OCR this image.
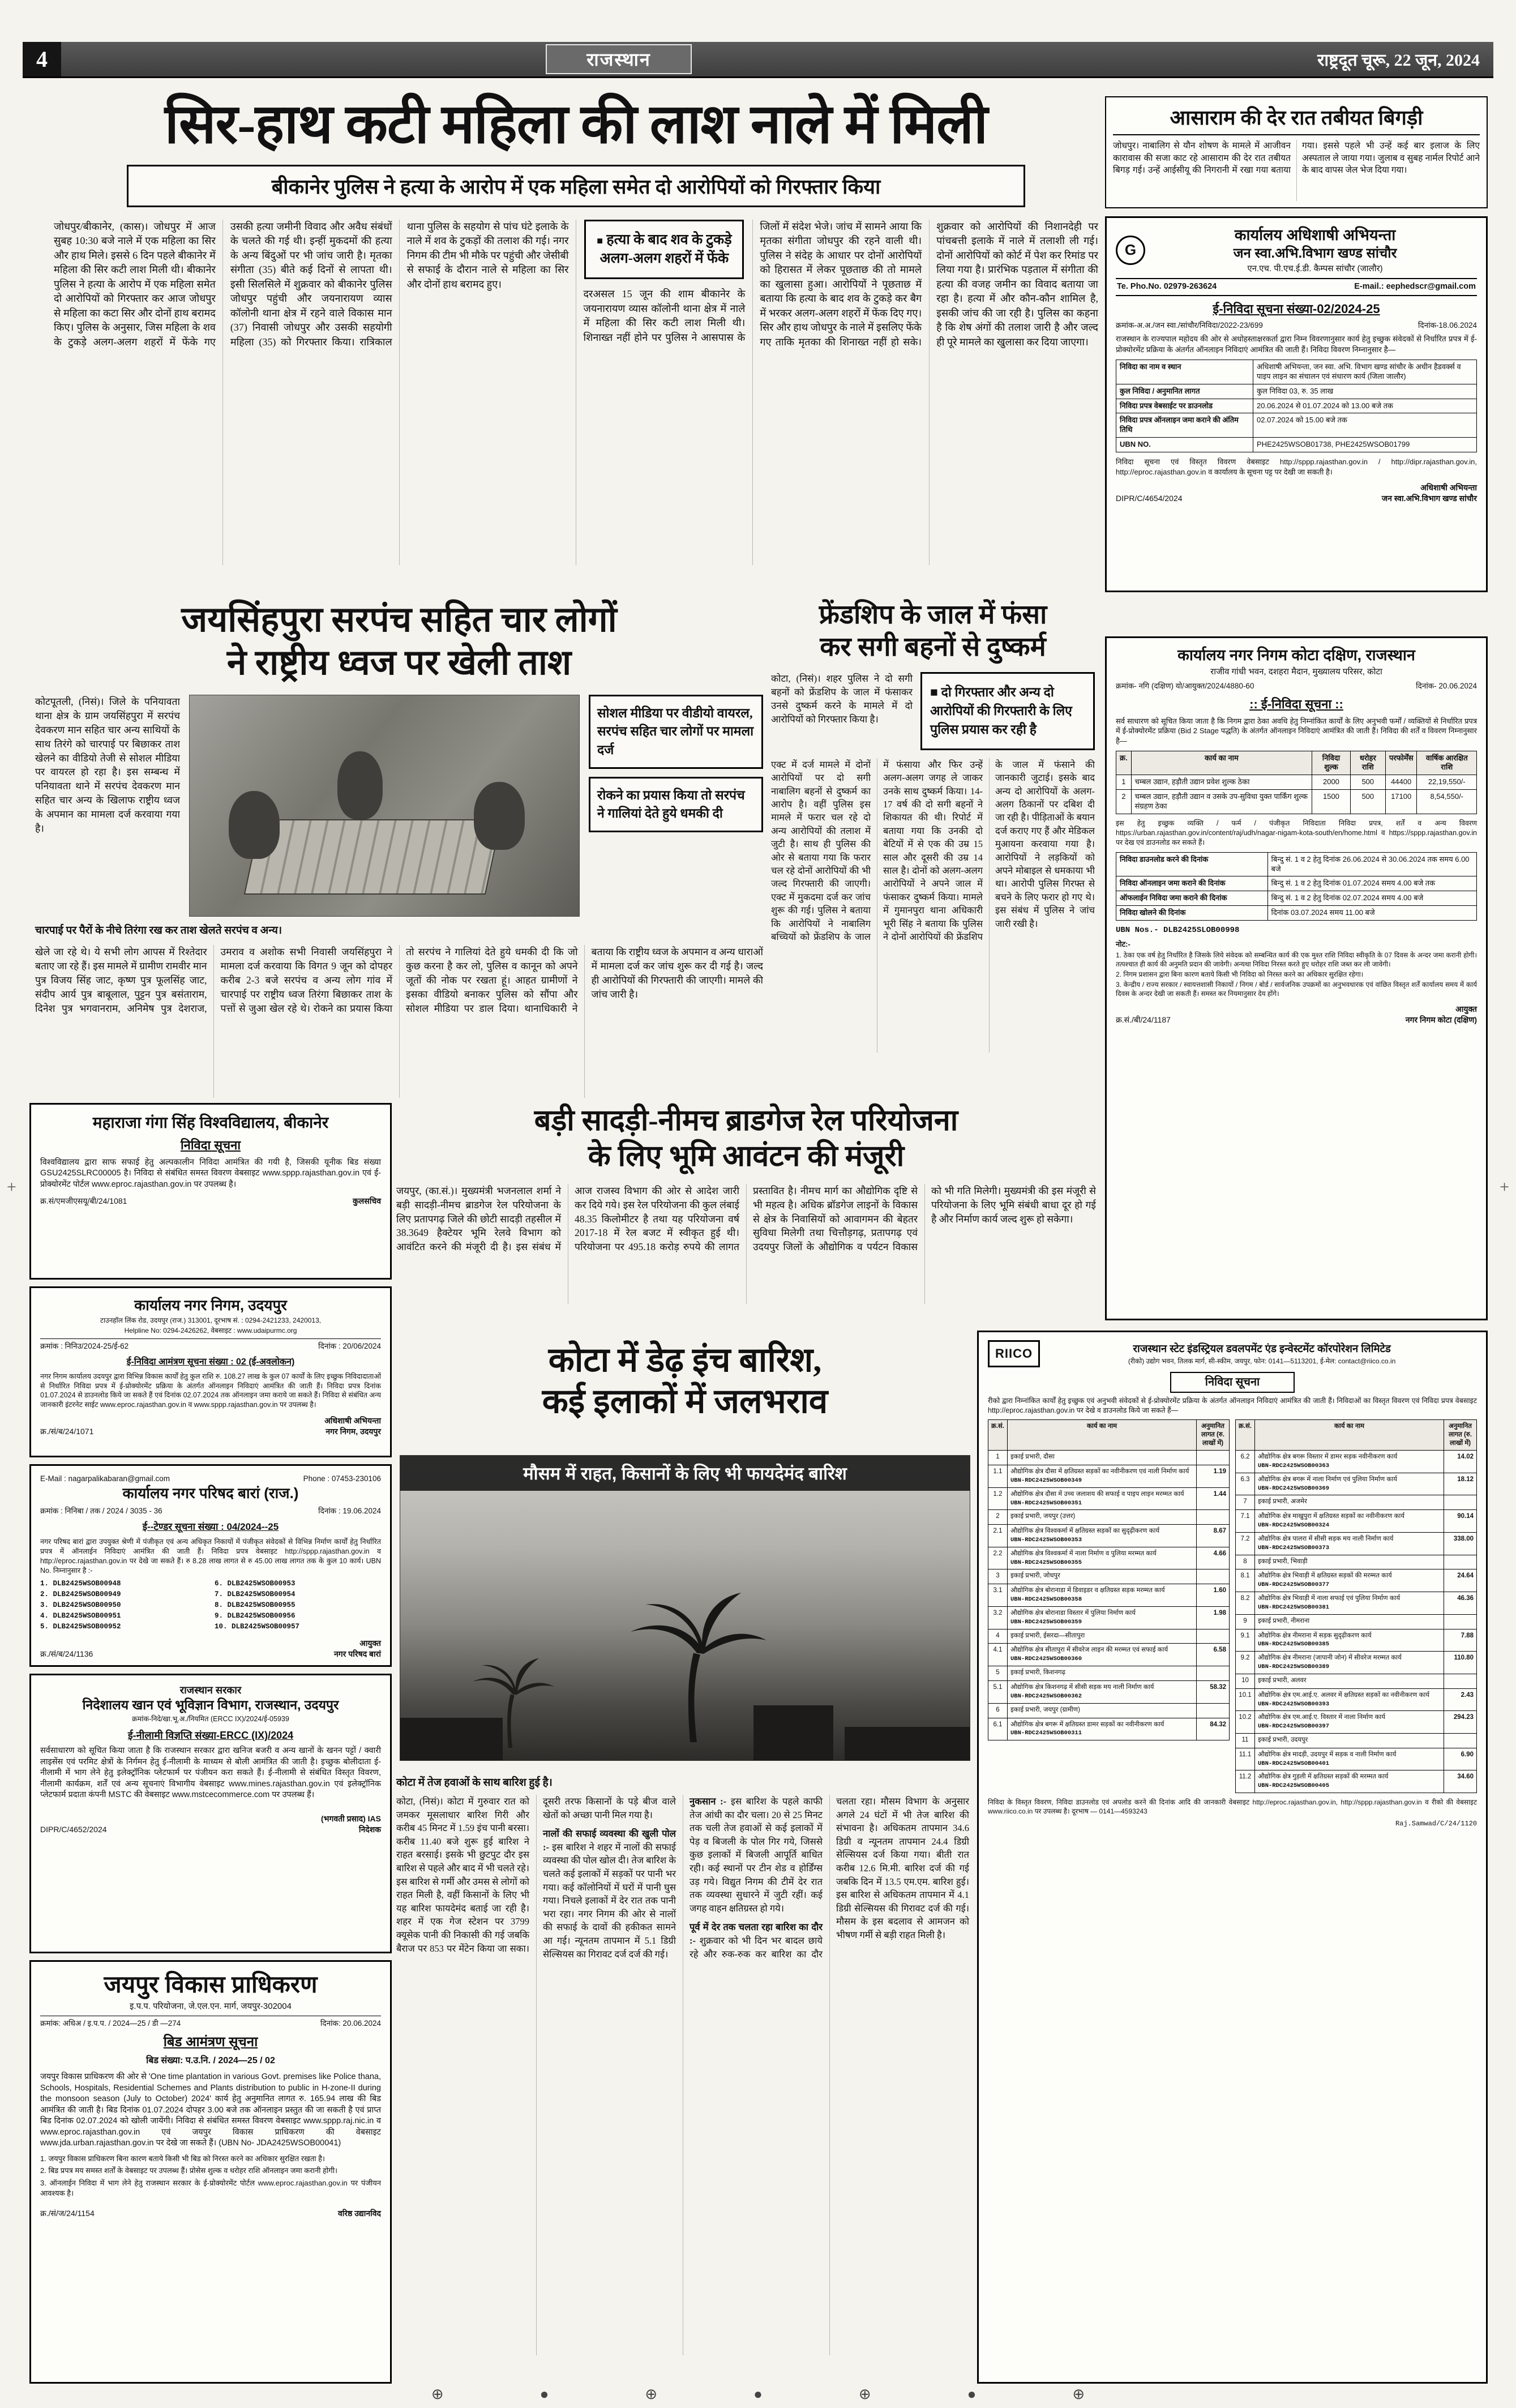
4	राजस्थान	राष्ट्रदूत चूरू, 22 जून, 2024
सिर-हाथ कटी महिला की लाश नाले में मिली
बीकानेर पुलिस ने हत्या के आरोप में एक महिला समेत दो आरोपियों को गिरफ्तार किया
जोधपुर/बीकानेर, (कास)। जोधपुर में आज सुबह 10:30 बजे नाले में एक महिला का सिर और हाथ मिले। इससे 6 दिन पहले बीकानेर में महिला की सिर कटी लाश मिली थी। बीकानेर पुलिस ने हत्या के आरोप में एक महिला समेत दो आरोपियों को गिरफ्तार कर आज जोधपुर से महिला का कटा सिर और दोनों हाथ बरामद किए। पुलिस के अनुसार, जिस महिला के शव के टुकड़े अलग-अलग शहरों में फेंके गए उसकी हत्या जमीनी विवाद और अवैध संबंधों के चलते की गई थी। इन्हीं मुकदमों की हत्या के अन्य बिंदुओं पर भी जांच जारी है। मृतका संगीता (35) बीते कई दिनों से लापता थी। इसी सिलसिले में शुक्रवार को बीकानेर पुलिस जोधपुर पहुंची और जयनारायण व्यास कॉलोनी थाना क्षेत्र में रहने वाले विकास मान (37) निवासी जोधपुर और उसकी सहयोगी महिला (35) को गिरफ्तार किया। रात्रिकाल थाना पुलिस के सहयोग से पांच घंटे इलाके के नाले में शव के टुकड़ों की तलाश की गई। नगर निगम की टीम भी मौके पर पहुंची और जेसीबी से सफाई के दौरान नाले से महिला का सिर और दोनों हाथ बरामद हुए।
■ हत्या के बाद शव के टुकड़े अलग-अलग शहरों में फेंके
दरअसल 15 जून की शाम बीकानेर के जयनारायण व्यास कॉलोनी थाना क्षेत्र में नाले में महिला की सिर कटी लाश मिली थी। शिनाख्त नहीं होने पर पुलिस ने आसपास के जिलों में संदेश भेजे। जांच में सामने आया कि मृतका संगीता जोधपुर की रहने वाली थी। पुलिस ने संदेह के आधार पर दोनों आरोपियों को हिरासत में लेकर पूछताछ की तो मामले का खुलासा हुआ। आरोपियों ने पूछताछ में बताया कि हत्या के बाद शव के टुकड़े कर बैग में भरकर अलग-अलग शहरों में फेंक दिए गए। सिर और हाथ जोधपुर के नाले में इसलिए फेंके गए ताकि मृतका की शिनाख्त नहीं हो सके। शुक्रवार को आरोपियों की निशानदेही पर पांचबत्ती इलाके में नाले में तलाशी ली गई। दोनों आरोपियों को कोर्ट में पेश कर रिमांड पर लिया गया है। प्रारंभिक पड़ताल में संगीता की हत्या की वजह जमीन का विवाद बताया जा रहा है। हत्या में और कौन-कौन शामिल है, इसकी जांच की जा रही है। पुलिस का कहना है कि शेष अंगों की तलाश जारी है और जल्द ही पूरे मामले का खुलासा कर दिया जाएगा।
आसाराम की देर रात तबीयत बिगड़ी
जोधपुर। नाबालिग से यौन शोषण के मामले में आजीवन कारावास की सजा काट रहे आसाराम की देर रात तबीयत बिगड़ गई। उन्हें आईसीयू की निगरानी में रखा गया बताया गया। इससे पहले भी उन्हें कई बार इलाज के लिए अस्पताल ले जाया गया। जुलाब व सुबह नार्मल रिपोर्ट आने के बाद वापस जेल भेज दिया गया।
G
कार्यालय अधिशाषी अभियन्ता
जन स्वा.अभि.विभाग खण्ड सांचौर
एन.एच. पी.एच.ई.डी. कैम्पस सांचौर (जालौर)
Te. Pho.No. 02979-263624	E-mail.: eephedscr@gmail.com
ई-निविदा सूचना संख्या-02/2024-25
क्रमांक-अ.अ./जन स्वा./सांचौर/निविदा/2022-23/699	दिनांक-18.06.2024

राजस्थान के राज्यपाल महोदय की ओर से अधोहस्ताक्षरकर्ता द्वारा निम्न विवरणानुसार कार्य हेतु इच्छुक संवेदकों से निर्धारित प्रपत्र में ई-प्रोक्योरमेंट प्रक्रिया के अंतर्गत ऑनलाइन निविदाएं आमंत्रित की जाती हैं। निविदा विवरण निम्नानुसार है—

निविदा का नाम व स्थान	अधिशाषी अभियन्ता, जन स्वा. अभि. विभाग खण्ड सांचौर के अधीन हैडवर्क्स व पाइप लाइन का संचालन एवं संधारण कार्य (जिला जालौर)
कुल निविदा / अनुमानित लागत	कुल निविदा 03, रु. 35 लाख
निविदा प्रपत्र वेबसाईट पर डाउनलोड	20.06.2024 से 01.07.2024 को 13.00 बजे तक
निविदा प्रपत्र ऑनलाइन जमा कराने की अंतिम तिथि	02.07.2024 को 15.00 बजे तक
UBN NO.	PHE2425WSOB01738, PHE2425WSOB01799

निविदा सूचना एवं विस्तृत विवरण वेबसाइट http://sppp.rajasthan.gov.in / http://dipr.rajasthan.gov.in, http://eproc.rajasthan.gov.in व कार्यालय के सूचना पट्ट पर देखी जा सकती है।

DIPR/C/4654/2024
अधिशाषी अभियन्ता
जन स्वा.अभि.विभाग खण्ड सांचौर
जयसिंहपुरा सरपंच सहित चार लोगों
ने राष्ट्रीय ध्वज पर खेली ताश
कोटपूतली, (निसं)। जिले के पनियावता थाना क्षेत्र के ग्राम जयसिंहपुरा में सरपंच देवकरण मान सहित चार अन्य साथियों के साथ तिरंगे को चारपाई पर बिछाकर ताश खेलने का वीडियो तेजी से सोशल मीडिया पर वायरल हो रहा है। इस सम्बन्ध में पनियावता थाने में सरपंच देवकरण मान सहित चार अन्य के खिलाफ राष्ट्रीय ध्वज के अपमान का मामला दर्ज करवाया गया है।
सोशल मीडिया पर वीडीयो वायरल, सरपंच सहित चार लोगों पर मामला दर्ज
रोकने का प्रयास किया तो सरपंच ने गालियां देते हुये धमकी दी
चारपाई पर पैरों के नीचे तिरंगा रख कर ताश खेलते सरपंच व अन्य।
खेले जा रहे थे। ये सभी लोग आपस में रिश्तेदार बताए जा रहे हैं। इस मामले में ग्रामीण रामवीर मान पुत्र विजय सिंह जाट, कृष्ण पुत्र फूलसिंह जाट, संदीप आर्य पुत्र बाबूलाल, पुट्टन पुत्र बसंताराम, दिनेश पुत्र भगवानराम, अनिमेष पुत्र देशराज, उमराव व अशोक सभी निवासी जयसिंहपुरा ने मामला दर्ज करवाया कि विगत 9 जून को दोपहर करीब 2-3 बजे सरपंच व अन्य लोग गांव में चारपाई पर राष्ट्रीय ध्वज तिरंगा बिछाकर ताश के पत्तों से जुआ खेल रहे थे। रोकने का प्रयास किया तो सरपंच ने गालियां देते हुये धमकी दी कि जो कुछ करना है कर लो, पुलिस व कानून को अपने जूतों की नोक पर रखता हूं। आहत ग्रामीणों ने इसका वीडियो बनाकर पुलिस को सौंपा और सोशल मीडिया पर डाल दिया। थानाधिकारी ने बताया कि राष्ट्रीय ध्वज के अपमान व अन्य धाराओं में मामला दर्ज कर जांच शुरू कर दी गई है। जल्द ही आरोपियों की गिरफ्तारी की जाएगी। मामले की जांच जारी है।
फ्रेंडशिप के जाल में फंसा
कर सगी बहनों से दुष्कर्म
कोटा, (निसं)। शहर पुलिस ने दो सगी बहनों को फ्रेंडशिप के जाल में फंसाकर उनसे दुष्कर्म करने के मामले में दो आरोपियों को गिरफ्तार किया है।
■ दो गिरफ्तार और अन्य दो आरोपियों की गिरफ्तारी के लिए पुलिस प्रयास कर रही है
एक्ट में दर्ज मामले में दोनों आरोपियों पर दो सगी नाबालिग बहनों से दुष्कर्म का आरोप है। वहीं पुलिस इस मामले में फरार चल रहे दो अन्य आरोपियों की तलाश में जुटी है। साथ ही पुलिस की ओर से बताया गया कि फरार चल रहे दोनों आरोपियों की भी जल्द गिरफ्तारी की जाएगी। एक्ट में मुकदमा दर्ज कर जांच शुरू की गई। पुलिस ने बताया कि आरोपियों ने नाबालिग बच्चियों को फ्रेंडशिप के जाल में फंसाया और फिर उन्हें अलग-अलग जगह ले जाकर उनके साथ दुष्कर्म किया। 14-17 वर्ष की दो सगी बहनों ने शिकायत की थी। रिपोर्ट में बताया गया कि उनकी दो बेटियों में से एक की उम्र 15 साल और दूसरी की उम्र 14 साल है। दोनों को अलग-अलग आरोपियों ने अपने जाल में फंसाकर दुष्कर्म किया। मामले में गुमानपुरा थाना अधिकारी भूरी सिंह ने बताया कि पुलिस ने दोनों आरोपियों की फ्रेंडशिप के जाल में फंसाने की जानकारी जुटाई। इसके बाद अन्य दो आरोपियों के अलग-अलग ठिकानों पर दबिश दी जा रही है। पीड़िताओं के बयान दर्ज कराए गए हैं और मेडिकल मुआयना करवाया गया है। आरोपियों ने लड़कियों को अपने मोबाइल से धमकाया भी था। आरोपी पुलिस गिरफ्त से बचने के लिए फरार हो गए थे। इस संबंध में पुलिस ने जांच जारी रखी है।
कार्यालय नगर निगम कोटा दक्षिण, राजस्थान
राजीव गांधी भवन, दशहरा मैदान, मुख्यालय परिसर, कोटा
क्रमांक- नगि (दक्षिण) यो/आयुक्त/2024/4880-60	दिनांक- 20.06.2024
:: ई-निविदा सूचना ::

सर्व साधारण को सूचित किया जाता है कि निगम द्वारा ठेका अवधि हेतु निम्नांकित कार्यों के लिए अनुभवी फर्मों / व्यक्तियों से निर्धारित प्रपत्र में ई-प्रोक्योरमेंट प्रक्रिया (Bid 2 Stage पद्धति) के अंतर्गत ऑनलाइन निविदाएं आमंत्रित की जाती हैं। निविदा की शर्तें व विवरण निम्नानुसार है—

क्र.	कार्य का नाम	निविदा शुल्क	धरोहर राशि	परफोर्मेंस	वार्षिक आरक्षित राशि
1	चम्बल उद्यान, हड़ौती उद्यान प्रवेश शुल्क ठेका	2000	500	44400	22,19,550/-
2	चम्बल उद्यान, हड़ौती उद्यान व उसके उप-सुविधा युक्त पार्किंग शुल्क संग्रहण ठेका	1500	500	17100	8,54,550/-

इस हेतु इच्छुक व्यक्ति / फर्म / पंजीकृत निविदाता निविदा प्रपत्र, शर्तें व अन्य विवरण https://urban.rajasthan.gov.in/content/raj/udh/nagar-nigam-kota-south/en/home.html व https://sppp.rajasthan.gov.in पर देख एवं डाउनलोड कर सकते हैं।

निविदा डाउनलोड करने की दिनांक	बिन्दु सं. 1 व 2 हेतु दिनांक 26.06.2024 से 30.06.2024 तक समय 6.00 बजे
निविदा ऑनलाइन जमा कराने की दिनांक	बिन्दु सं. 1 व 2 हेतु दिनांक 01.07.2024 समय 4.00 बजे तक
ऑफलाईन निविदा जमा कराने की दिनांक	बिन्दु सं. 1 व 2 हेतु दिनांक 02.07.2024 समय 4.00 बजे
निविदा खोलने की दिनांक	दिनांक 03.07.2024 समय 11.00 बजे

UBN Nos.- DLB2425SLOB00998

नोट:-

1. ठेका एक वर्ष हेतु निर्धारित है जिसके लिये संवेदक को सम्बन्धित कार्य की एक मुश्त राशि निविदा स्वीकृति के 07 दिवस के अन्दर जमा करानी होगी। तत्पश्चात ही कार्य की अनुमति प्रदान की जावेगी। अन्यथा निविदा निरस्त करते हुए धरोहर राशि जब्त कर ली जावेगी।

2. निगम प्रशासन द्वारा बिना कारण बताये किसी भी निविदा को निरस्त करने का अधिकार सुरक्षित रहेगा।

3. केन्द्रीय / राज्य सरकार / स्वायत्तशासी निकायों / निगम / बोर्ड / सार्वजनिक उपक्रमों का अनुभवधारक एवं वांछित विस्तृत शर्तें कार्यालय समय में कार्य दिवस के अन्दर देखी जा सकती हैं। समस्त कर नियमानुसार देय होंगे।

क्र.सं./बी/24/1187
आयुक्त
नगर निगम कोटा (दक्षिण)
महाराजा गंगा सिंह विश्वविद्यालय, बीकानेर
निविदा सूचना

विश्वविद्यालय द्वारा साफ सफाई हेतु अल्पकालीन निविदा आमंत्रित की गयी है, जिसकी यूनीक बिड संख्या GSU2425SLRC00005 है। निविदा से संबंधित समस्त विवरण वेबसाइट www.sppp.rajasthan.gov.in एवं ई-प्रोक्योरमेंट पोर्टल www.eproc.rajasthan.gov.in पर उपलब्ध है।

क्र.सं/एमजीएसयू/बी/24/1081	कुलसचिव
कार्यालय नगर निगम, उदयपुर
टाउनहॉल लिंक रोड, उदयपुर (राज.) 313001, दूरभाष सं. : 0294-2421233, 2420013,
Helpline No: 0294-2426262, वेबसाइट : www.udaipurmc.org
क्रमांक : निनिउ/2024-25/ई-62	दिनांक : 20/06/2024
ई-निविदा आमंत्रण सूचना संख्या : 02 (ई-अवलोकन)

नगर निगम कार्यालय उदयपुर द्वारा विभिन्न विकास कार्यों हेतु कुल राशि रु. 108.27 लाख के कुल 07 कार्यों के लिए इच्छुक निविदादाताओं से निर्धारित निविदा प्रपत्र में ई-प्रोक्योरमेंट प्रक्रिया के अंतर्गत ऑनलाइन निविदाएं आमंत्रित की जाती हैं। निविदा प्रपत्र दिनांक 01.07.2024 से डाउनलोड किये जा सकते हैं एवं दिनांक 02.07.2024 तक ऑनलाइन जमा कराये जा सकते हैं। निविदा से संबंधित अन्य जानकारी इंटरनेट साईट www.eproc.rajasthan.gov.in व www.sppp.rajasthan.gov.in पर उपलब्ध है।

क्र./सं/ब/24/1071
अधिशाषी अभियन्ता
नगर निगम, उदयपुर
E-Mail : nagarpalikabaran@gmail.com	Phone : 07453-230106
कार्यालय नगर परिषद बारां (राज.)
क्रमांक : निनिबा / तक / 2024 / 3035 - 36	दिनांक : 19.06.2024
ई--टेण्डर सूचना संख्या : 04/2024--25

नगर परिषद बारां द्वारा उपयुक्त श्रेणी में पंजीकृत एवं अन्य अधिकृत निकायों में पंजीकृत संवेदकों से विभिन्न निर्माण कार्यों हेतु निर्धारित प्रपत्र में ऑनलाईन निविदाएं आमंत्रित की जाती हैं। निविदा प्रपत्र वेबसाइट http://sppp.rajasthan.gov.in व http://eproc.rajasthan.gov.in पर देखे जा सकते हैं। रु 8.28 लाख लागत से रु 45.00 लाख लागत तक के कुल 10 कार्य। UBN No. निम्नानुसार है :-

1. DLB2425WSOB00948
2. DLB2425WSOB00949
3. DLB2425WSOB00950
4. DLB2425WSOB00951
5. DLB2425WSOB00952
6. DLB2425WSOB00953
7. DLB2425WSOB00954
8. DLB2425WSOB00955
9. DLB2425WSOB00956
10. DLB2425WSOB00957
क्र./सं/ब/24/1136
आयुक्त
नगर परिषद बारां
राजस्थान सरकार
निदेशालय खान एवं भूविज्ञान विभाग, राजस्थान, उदयपुर
क्रमांक-निदे/खा.भू.अ./नियमित (ERCC IX)/2024/ई-05939
ई-नीलामी विज्ञप्ति संख्या-ERCC (IX)/2024

सर्वसाधारण को सूचित किया जाता है कि राजस्थान सरकार द्वारा खनिज बजरी व अन्य खानों के खनन पट्टों / क्वारी लाइसेंस एवं परमिट क्षेत्रों के निर्गमन हेतु ई-नीलामी के माध्यम से बोली आमंत्रित की जाती है। इच्छुक बोलीदाता ई-नीलामी में भाग लेने हेतु इलेक्ट्रॉनिक प्लेटफार्म पर पंजीयन करा सकते हैं। ई-नीलामी से संबंधित विस्तृत विवरण, नीलामी कार्यक्रम, शर्तें एवं अन्य सूचनाएं विभागीय वेबसाइट www.mines.rajasthan.gov.in एवं इलेक्ट्रॉनिक प्लेटफार्म प्रदाता कंपनी MSTC की वेबसाइट www.mstcecommerce.com पर उपलब्ध हैं।

DIPR/C/4652/2024
(भगवती प्रसाद) IAS
निदेशक
जयपुर विकास प्राधिकरण
इ.प.प. परियोजना, जे.एल.एन. मार्ग, जयपुर-302004
क्रमांक: अधिअ / इ.प.प. / 2024—25 / डी —274	दिनांक: 20.06.2024
बिड आमंत्रण सूचना
बिड संख्या: प.उ.नि. / 2024—25 / 02

जयपुर विकास प्राधिकरण की ओर से 'One time plantation in various Govt. premises like Police thana, Schools, Hospitals, Residential Schemes and Plants distribution to public in H-zone-II during the monsoon season (July to October) 2024' कार्य हेतु अनुमानित लागत रु. 165.94 लाख की बिड आमंत्रित की जाती है। बिड दिनांक 01.07.2024 दोपहर 3.00 बजे तक ऑनलाइन प्रस्तुत की जा सकती है एवं प्राप्त बिड दिनांक 02.07.2024 को खोली जायेंगी। निविदा से संबंधित समस्त विवरण वेबसाइट www.sppp.raj.nic.in व www.eproc.rajasthan.gov.in एवं जयपुर विकास प्राधिकरण की वेबसाइट www.jda.urban.rajasthan.gov.in पर देखे जा सकते हैं। (UBN No- JDA2425WSOB00041)

1. जयपुर विकास प्राधिकरण बिना कारण बताये किसी भी बिड को निरस्त करने का अधिकार सुरक्षित रखता है।

2. बिड प्रपत्र मय समस्त शर्तों के वेबसाइट पर उपलब्ध हैं। प्रोसेस शुल्क व धरोहर राशि ऑनलाइन जमा करानी होगी।

3. ऑनलाईन निविदा में भाग लेने हेतु राजस्थान सरकार के ई-प्रोक्योरमेंट पोर्टल www.eproc.rajasthan.gov.in पर पंजीयन आवश्यक है।

क्र./सं/ज/24/1154	वरिष्ठ उद्यानविद
बड़ी सादड़ी-नीमच ब्राडगेज रेल परियोजना
के लिए भूमि आवंटन की मंजूरी
जयपुर, (का.सं.)। मुख्यमंत्री भजनलाल शर्मा ने बड़ी सादड़ी-नीमच ब्राडगेज रेल परियोजना के लिए प्रतापगढ़ जिले की छोटी सादड़ी तहसील में 38.3649 हैक्टेयर भूमि रेलवे विभाग को आवंटित करने की मंजूरी दी है। इस संबंध में आज राजस्व विभाग की ओर से आदेश जारी कर दिये गये। इस रेल परियोजना की कुल लंबाई 48.35 किलोमीटर है तथा यह परियोजना वर्ष 2017-18 में रेल बजट में स्वीकृत हुई थी। परियोजना पर 495.18 करोड़ रुपये की लागत प्रस्तावित है। नीमच मार्ग का औद्योगिक दृष्टि से भी महत्व है। अधिक ब्रॉडगेज लाइनों के विकास से क्षेत्र के निवासियों को आवागमन की बेहतर सुविधा मिलेगी तथा चित्तौड़गढ़, प्रतापगढ़ एवं उदयपुर जिलों के औद्योगिक व पर्यटन विकास को भी गति मिलेगी। मुख्यमंत्री की इस मंजूरी से परियोजना के लिए भूमि संबंधी बाधा दूर हो गई है और निर्माण कार्य जल्द शुरू हो सकेगा।
कोटा में डेढ़ इंच बारिश,
कई इलाकों में जलभराव
मौसम में राहत, किसानों के लिए भी फायदेमंद बारिश
कोटा में तेज हवाओं के साथ बारिश हुई है।

कोटा, (निसं)। कोटा में गुरुवार रात को जमकर मूसलाधार बारिश गिरी और करीब 45 मिनट में 1.59 इंच पानी बरसा। करीब 11.40 बजे शुरू हुई बारिश ने राहत बरसाई। इसके भी छुटपुट दौर इस बारिश से पहले और बाद में भी चलते रहे। इस बारिश से गर्मी और उमस से लोगों को राहत मिली है, वहीं किसानों के लिए भी यह बारिश फायदेमंद बताई जा रही है। शहर में एक गेज स्टेशन पर 3799 क्यूसेक पानी की निकासी की गई जबकि बैराज पर 853 पर मेंटेन किया जा सका। दूसरी तरफ किसानों के पड़े बीज वाले खेतों को अच्छा पानी मिल गया है।

नालों की सफाई व्यवस्था की खुली पोल :- इस बारिश ने शहर में नालों की सफाई व्यवस्था की पोल खोल दी। तेज बारिश के चलते कई इलाकों में सड़कों पर पानी भर गया। कई कॉलोनियों में घरों में पानी घुस गया। निचले इलाकों में देर रात तक पानी भरा रहा। नगर निगम की ओर से नालों की सफाई के दावों की हकीकत सामने आ गई। न्यूनतम तापमान में 5.1 डिग्री सेल्सियस का गिरावट दर्ज दर्ज की गई।

नुकसान :- इस बारिश के पहले काफी तेज आंधी का दौर चला। 20 से 25 मिनट तक चली तेज हवाओं से कई इलाकों में पेड़ व बिजली के पोल गिर गये, जिससे कुछ इलाकों में बिजली आपूर्ति बाधित रही। कई स्थानों पर टीन शेड व होर्डिंग्स उड़ गये। विद्युत निगम की टीमें देर रात तक व्यवस्था सुधारने में जुटी रहीं। कई जगह वाहन क्षतिग्रस्त हो गये।

पूर्व में देर तक चलता रहा बारिश का दौर :- शुक्रवार को भी दिन भर बादल छाये रहे और रुक-रुक कर बारिश का दौर चलता रहा। मौसम विभाग के अनुसार अगले 24 घंटों में भी तेज बारिश की संभावना है। अधिकतम तापमान 34.6 डिग्री व न्यूनतम तापमान 24.4 डिग्री सेल्सियस दर्ज किया गया। बीती रात करीब 12.6 मि.मी. बारिश दर्ज की गई जबकि दिन में 13.5 एम.एम. बारिश हुई। इस बारिश से अधिकतम तापमान में 4.1 डिग्री सेल्सियस की गिरावट दर्ज की गई। मौसम के इस बदलाव से आमजन को भीषण गर्मी से बड़ी राहत मिली है।

RIICO	राजस्थान स्टेट इंडस्ट्रियल डवलपमेंट एंड इन्वेस्टमेंट कॉरपोरेशन लिमिटेड
(रीको) उद्योग भवन, तिलक मार्ग, सी-स्कीम, जयपुर, फोन: 0141—5113201, ई-मेल: contact@riico.co.in
निविदा सूचना

रीको द्वारा निम्नांकित कार्यों हेतु इच्छुक एवं अनुभवी संवेदकों से ई-प्रोक्योरमेंट प्रक्रिया के अंतर्गत ऑनलाइन निविदाएं आमंत्रित की जाती हैं। निविदाओं का विस्तृत विवरण एवं निविदा प्रपत्र वेबसाइट http://eproc.rajasthan.gov.in पर देखे व डाउनलोड किये जा सकते हैं—

क्र.सं.	कार्य का नाम	अनुमानित लागत (रु. लाखों में)
1	इकाई प्रभारी, दौसा	

1.1	औद्योगिक क्षेत्र दौसा में क्षतिग्रस्त सड़कों का नवीनीकरण एवं नाली निर्माण कार्य
UBN-RDC2425WSOB00349	1.19
1.2	औद्योगिक क्षेत्र दौसा में उच्च जलाशय की सफाई व पाइप लाइन मरम्मत कार्य
UBN-RDC2425WSOB00351	1.44
2	इकाई प्रभारी, जयपुर (उत्तर)	

2.1	औद्योगिक क्षेत्र विश्वकर्मा में क्षतिग्रस्त सड़कों का सुदृढ़ीकरण कार्य
UBN-RDC2425WSOB00353	8.67
2.2	औद्योगिक क्षेत्र विश्वकर्मा में नाला निर्माण व पुलिया मरम्मत कार्य
UBN-RDC2425WSOB00355	4.66
3	इकाई प्रभारी, जोधपुर	

3.1	औद्योगिक क्षेत्र बोरानाडा में डिवाइडर व क्षतिग्रस्त सड़क मरम्मत कार्य
UBN-RDC2425WSOB00358	1.60
3.2	औद्योगिक क्षेत्र बोरानाडा विस्तार में पुलिया निर्माण कार्य
UBN-RDC2425WSOB00359	1.98
4	इकाई प्रभारी, ईसरदा—सीतापुरा	

4.1	औद्योगिक क्षेत्र सीतापुरा में सीवरेज लाइन की मरम्मत एवं सफाई कार्य
UBN-RDC2425WSOB00360	6.58
5	इकाई प्रभारी, किशनगढ़	

5.1	औद्योगिक क्षेत्र किशनगढ़ में सीसी सड़क मय नाली निर्माण कार्य
UBN-RDC2425WSOB00362	58.32
6	इकाई प्रभारी, जयपुर (ग्रामीण)	

6.1	औद्योगिक क्षेत्र बगरू में क्षतिग्रस्त डामर सड़कों का नवीनीकरण कार्य
UBN-RDC2425WSOB00311	84.32
क्र.सं.	कार्य का नाम	अनुमानित लागत (रु. लाखों में)
6.2	औद्योगिक क्षेत्र बगरू विस्तार में डामर सड़क नवीनीकरण कार्य
UBN-RDC2425WSOB00363	14.02
6.3	औद्योगिक क्षेत्र बगरू में नाला निर्माण एवं पुलिया निर्माण कार्य
UBN-RDC2425WSOB00369	18.12
7	इकाई प्रभारी, अजमेर	

7.1	औद्योगिक क्षेत्र माखुपुरा में क्षतिग्रस्त सड़कों का नवीनीकरण कार्य
UBN-RDC2425WSOB00324	90.14
7.2	औद्योगिक क्षेत्र पालरा में सीसी सड़क मय नाली निर्माण कार्य
UBN-RDC2425WSOB00373	338.00
8	इकाई प्रभारी, भिवाड़ी	

8.1	औद्योगिक क्षेत्र भिवाड़ी में क्षतिग्रस्त सड़कों की मरम्मत कार्य
UBN-RDC2425WSOB00377	24.64
8.2	औद्योगिक क्षेत्र भिवाड़ी में नाला सफाई एवं पुलिया निर्माण कार्य
UBN-RDC2425WSOB00381	46.36
9	इकाई प्रभारी, नीमराना	

9.1	औद्योगिक क्षेत्र नीमराना में सड़क सुदृढ़ीकरण कार्य
UBN-RDC2425WSOB00385	7.88
9.2	औद्योगिक क्षेत्र नीमराना (जापानी जोन) में सीवरेज मरम्मत कार्य
UBN-RDC2425WSOB00389	110.80
10	इकाई प्रभारी, अलवर	

10.1	औद्योगिक क्षेत्र एम.आई.ए. अलवर में क्षतिग्रस्त सड़कों का नवीनीकरण कार्य
UBN-RDC2425WSOB00393	2.43
10.2	औद्योगिक क्षेत्र एम.आई.ए. विस्तार में नाला निर्माण कार्य
UBN-RDC2425WSOB00397	294.23
11	इकाई प्रभारी, उदयपुर	

11.1	औद्योगिक क्षेत्र मादड़ी, उदयपुर में सड़क व नाली निर्माण कार्य
UBN-RDC2425WSOB00401	6.90
11.2	औद्योगिक क्षेत्र गुड़ली में क्षतिग्रस्त सड़कों की मरम्मत कार्य
UBN-RDC2425WSOB00405	34.60

निविदा के विस्तृत विवरण, निविदा डाउनलोड एवं अपलोड करने की दिनांक आदि की जानकारी वेबसाइट http://eproc.rajasthan.gov.in, http://sppp.rajasthan.gov.in व रीको की वेबसाइट www.riico.co.in पर उपलब्ध है। दूरभाष — 0141—4593243

Raj.Samwad/C/24/1120
+	+
⊕	●	⊕	●	⊕	●	⊕
